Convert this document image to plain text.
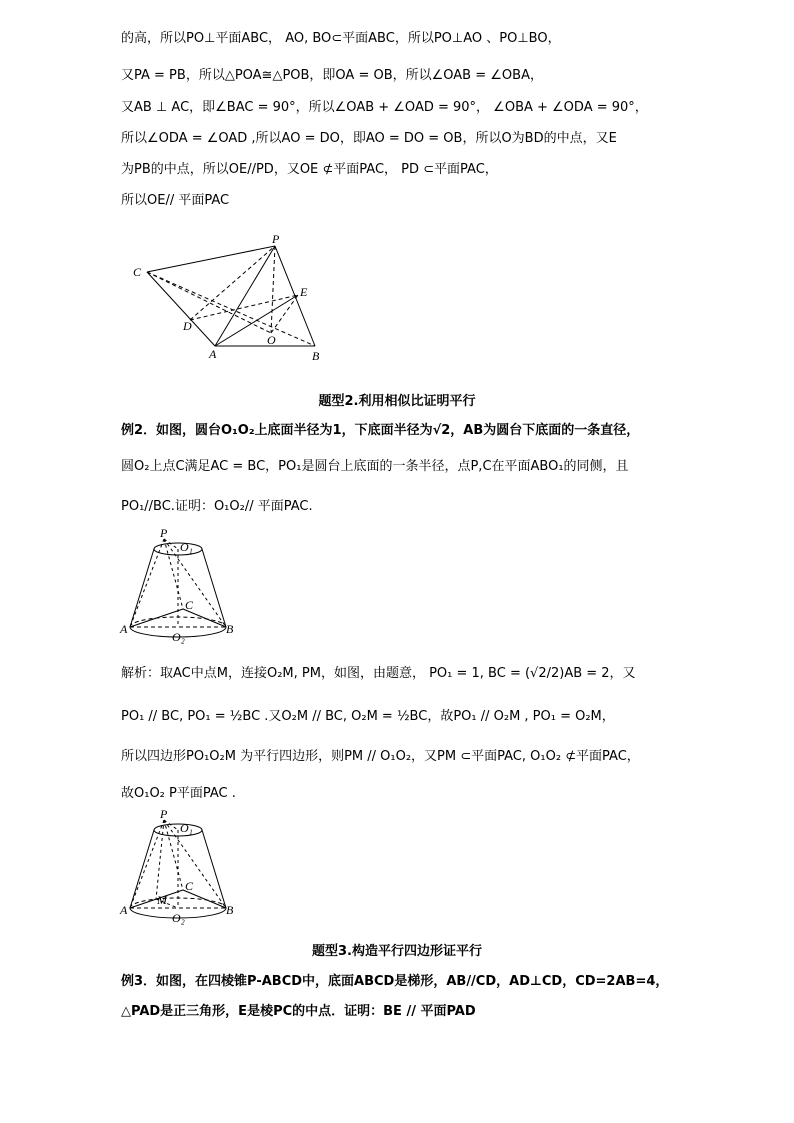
的高，所以PO⊥平面ABC， AO, BO⊂平面ABC，所以PO⊥AO 、PO⊥BO，
又PA = PB，所以△POA≅△POB，即OA = OB，所以∠OAB = ∠OBA，
又AB ⊥ AC，即∠BAC = 90°，所以∠OAB + ∠OAD = 90°， ∠OBA + ∠ODA = 90°，
所以∠ODA = ∠OAD ,所以AO = DO，即AO = DO = OB，所以O为BD的中点，又E
为PB的中点，所以OE//PD，又OE ⊄平面PAC， PD ⊂平面PAC，
所以OE// 平面PAC
P
C
E
D
O
A	B
题型2.利用相似比证明平行
例2．如图，圆台O₁O₂上底面半径为1，下底面半径为√2，AB为圆台下底面的一条直径，
圆O₂上点C满足AC = BC，PO₁是圆台上底面的一条半径，点P,C在平面ABO₁的同侧，且
PO₁//BC.证明：O₁O₂// 平面PAC.
P
O₁
C
A
O₂
B
解析：取AC中点M，连接O₂M, PM，如图，由题意， PO₁ = 1, BC = (√2/2)AB = 2，又
PO₁ // BC, PO₁ = ½BC .又O₂M // BC, O₂M = ½BC，故PO₁ // O₂M , PO₁ = O₂M，
所以四边形PO₁O₂M 为平行四边形，则PM // O₁O₂，又PM ⊂平面PAC, O₁O₂ ⊄平面PAC，
故O₁O₂ P平面PAC .
P
O₁
C
M
A
O₂
B
题型3.构造平行四边形证平行
例3．如图，在四棱锥P-ABCD中，底面ABCD是梯形，AB//CD，AD⊥CD，CD=2AB=4，
△PAD是正三角形，E是棱PC的中点．证明：BE // 平面PAD
